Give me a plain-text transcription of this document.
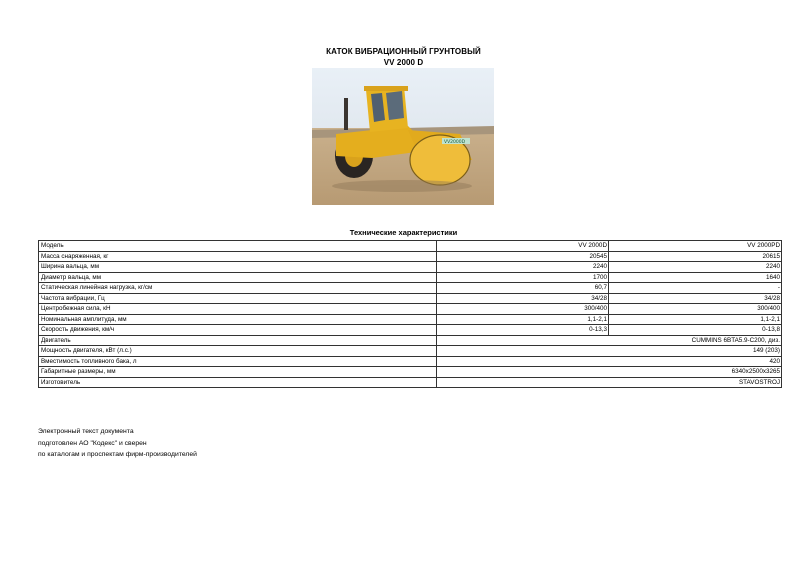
КАТОК ВИБРАЦИОННЫЙ ГРУНТОВЫЙ
VV 2000 D
VV2000D
Технические характеристики
Модель	VV 2000D	VV 2000PD
Масса снаряженная, кг	20545	20615
Ширина вальца, мм	2240	2240
Диаметр вальца, мм	1700	1640
Статическая линейная нагрузка, кг/см	60,7	-
Частота вибрации, Гц	34/28	34/28
Центробежная сила, кН	300/400	300/400
Номинальная амплитуда, мм	1,1-2,1	1,1-2,1
Скорость движения, км/ч	0-13,3	0-13,8
Двигатель	CUMMINS 6BTA5.9-C200, диз.	
Мощность двигателя, кВт (л.с.)	149 (203)	
Вместимость топливного бака, л	420	
Габаритные размеры, мм	6340x2500x3265	
Изготовитель	STAVOSTROJ	
Электронный текст документа
подготовлен АО "Кодекс" и сверен
по каталогам и проспектам фирм-производителей
